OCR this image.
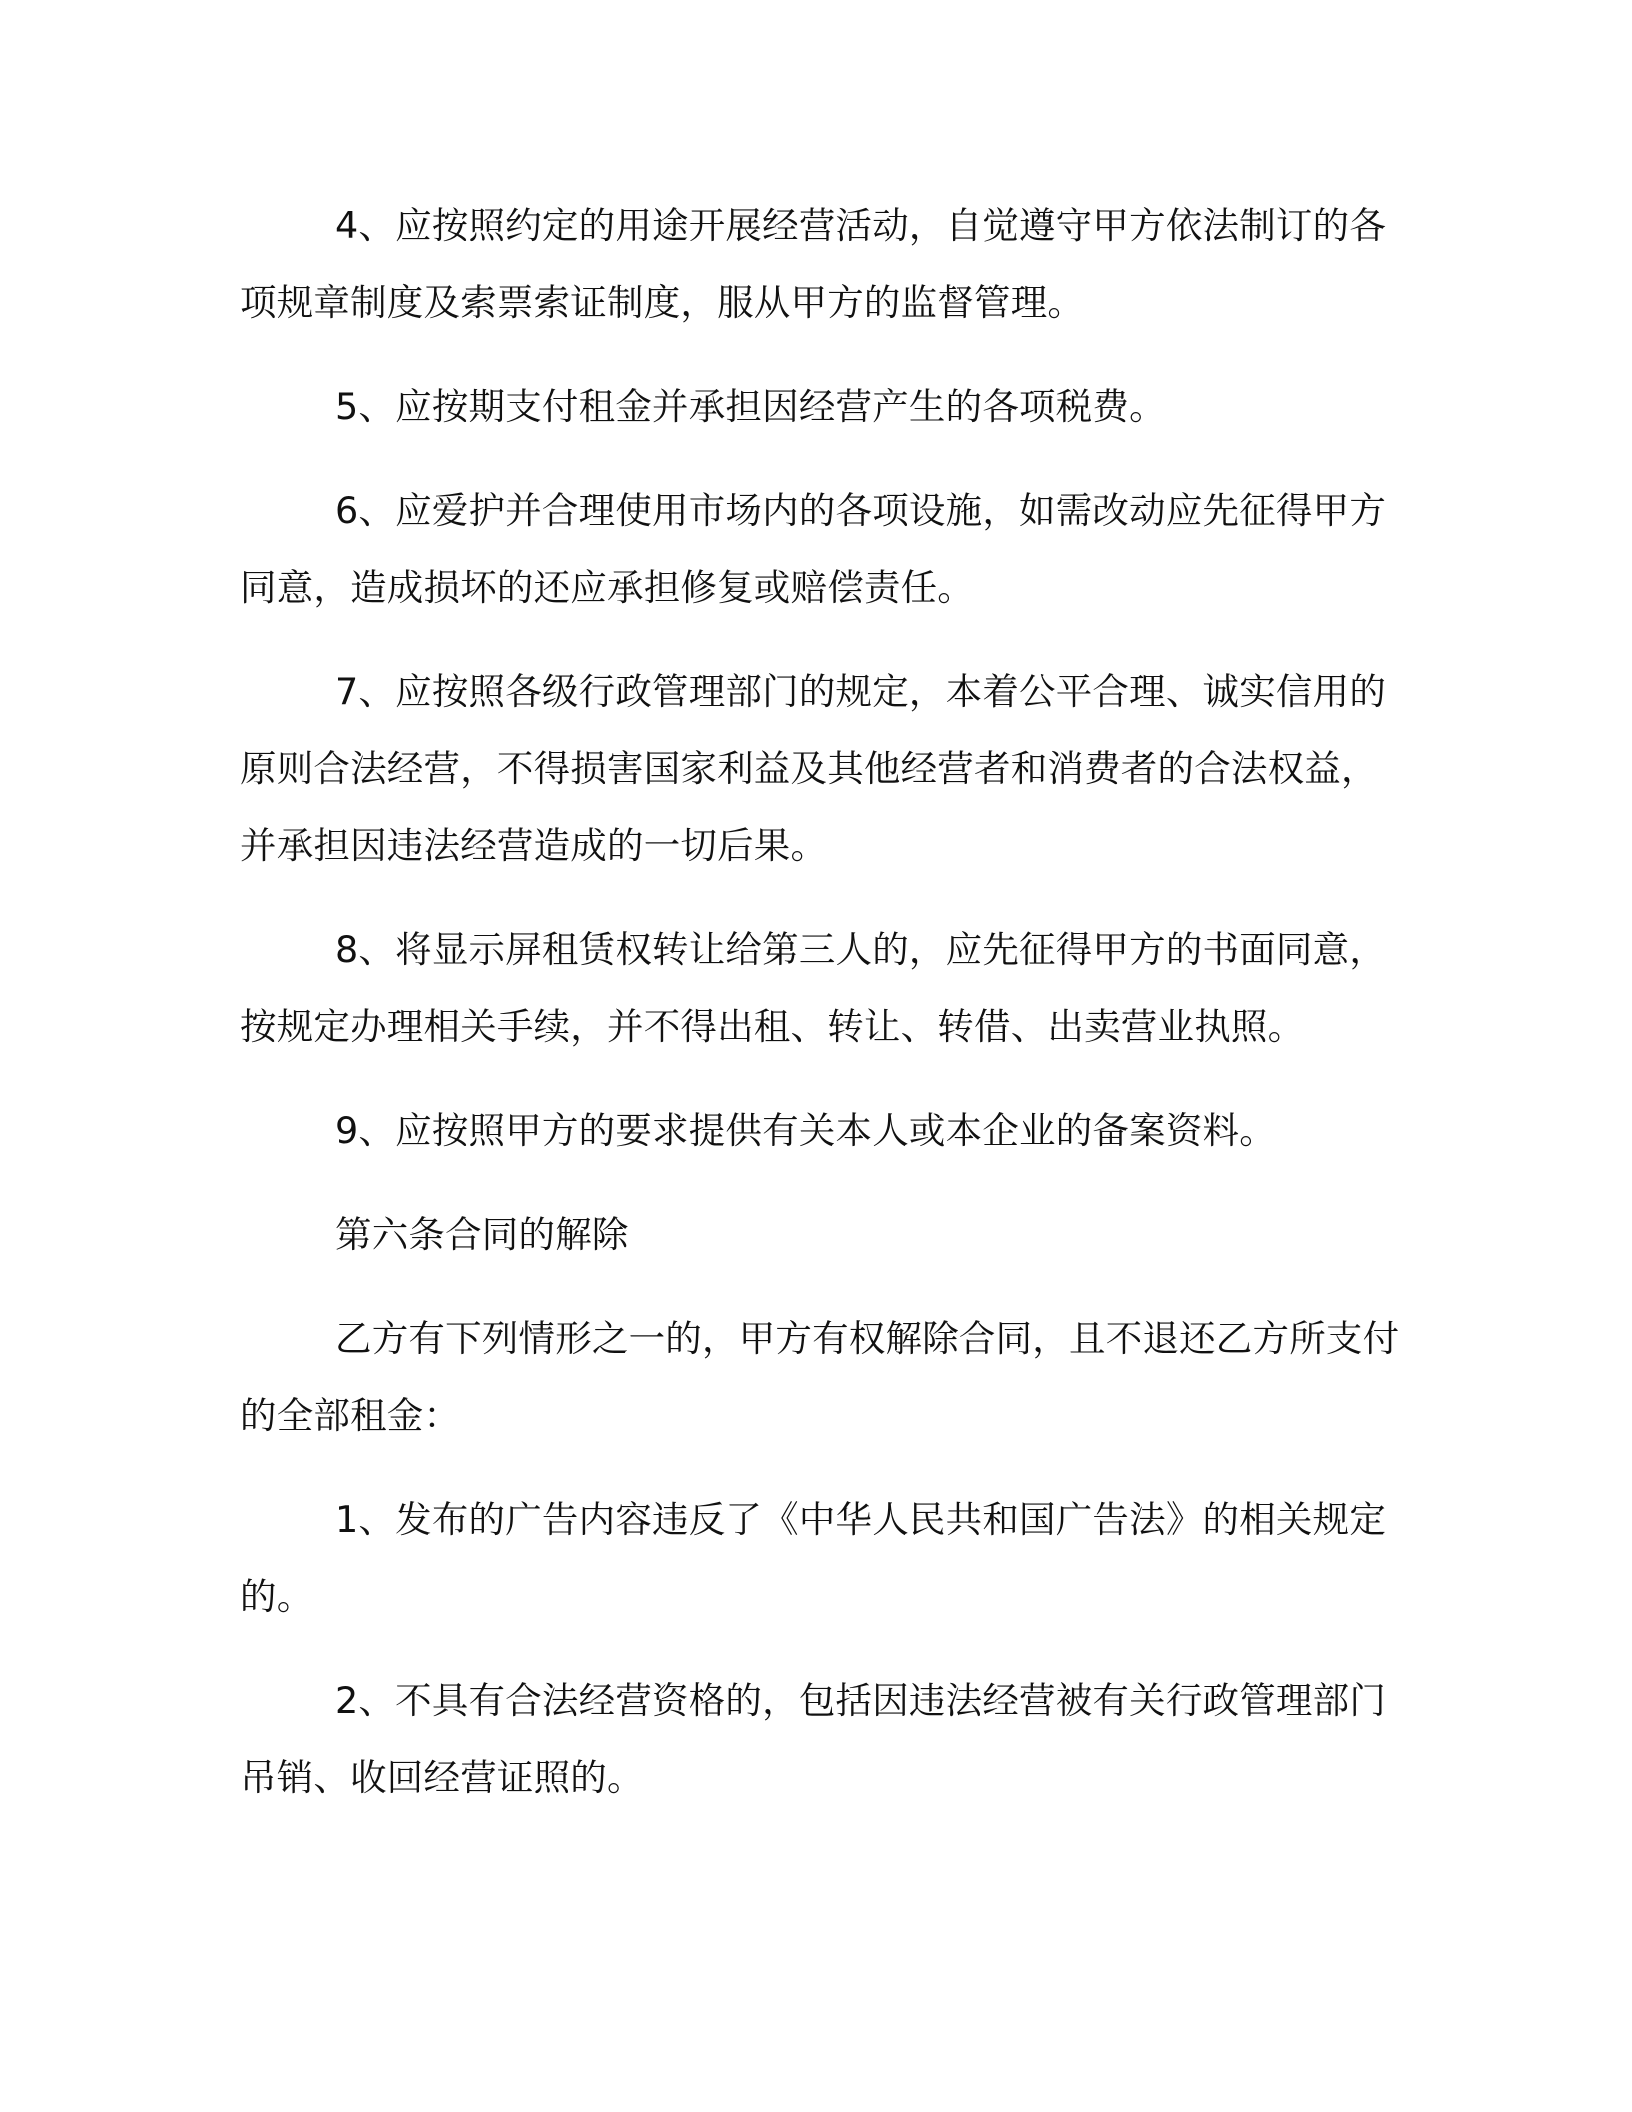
4、应按照约定的用途开展经营活动，自觉遵守甲方依法制订的各项规章制度及索票索证制度，服从甲方的监督管理。

5、应按期支付租金并承担因经营产生的各项税费。

6、应爱护并合理使用市场内的各项设施，如需改动应先征得甲方同意，造成损坏的还应承担修复或赔偿责任。

7、应按照各级行政管理部门的规定，本着公平合理、诚实信用的原则合法经营，不得损害国家利益及其他经营者和消费者的合法权益，并承担因违法经营造成的一切后果。

8、将显示屏租赁权转让给第三人的，应先征得甲方的书面同意，按规定办理相关手续，并不得出租、转让、转借、出卖营业执照。

9、应按照甲方的要求提供有关本人或本企业的备案资料。

第六条合同的解除

乙方有下列情形之一的，甲方有权解除合同，且不退还乙方所支付的全部租金：

1、发布的广告内容违反了《中华人民共和国广告法》的相关规定的。

2、不具有合法经营资格的，包括因违法经营被有关行政管理部门吊销、收回经营证照的。
